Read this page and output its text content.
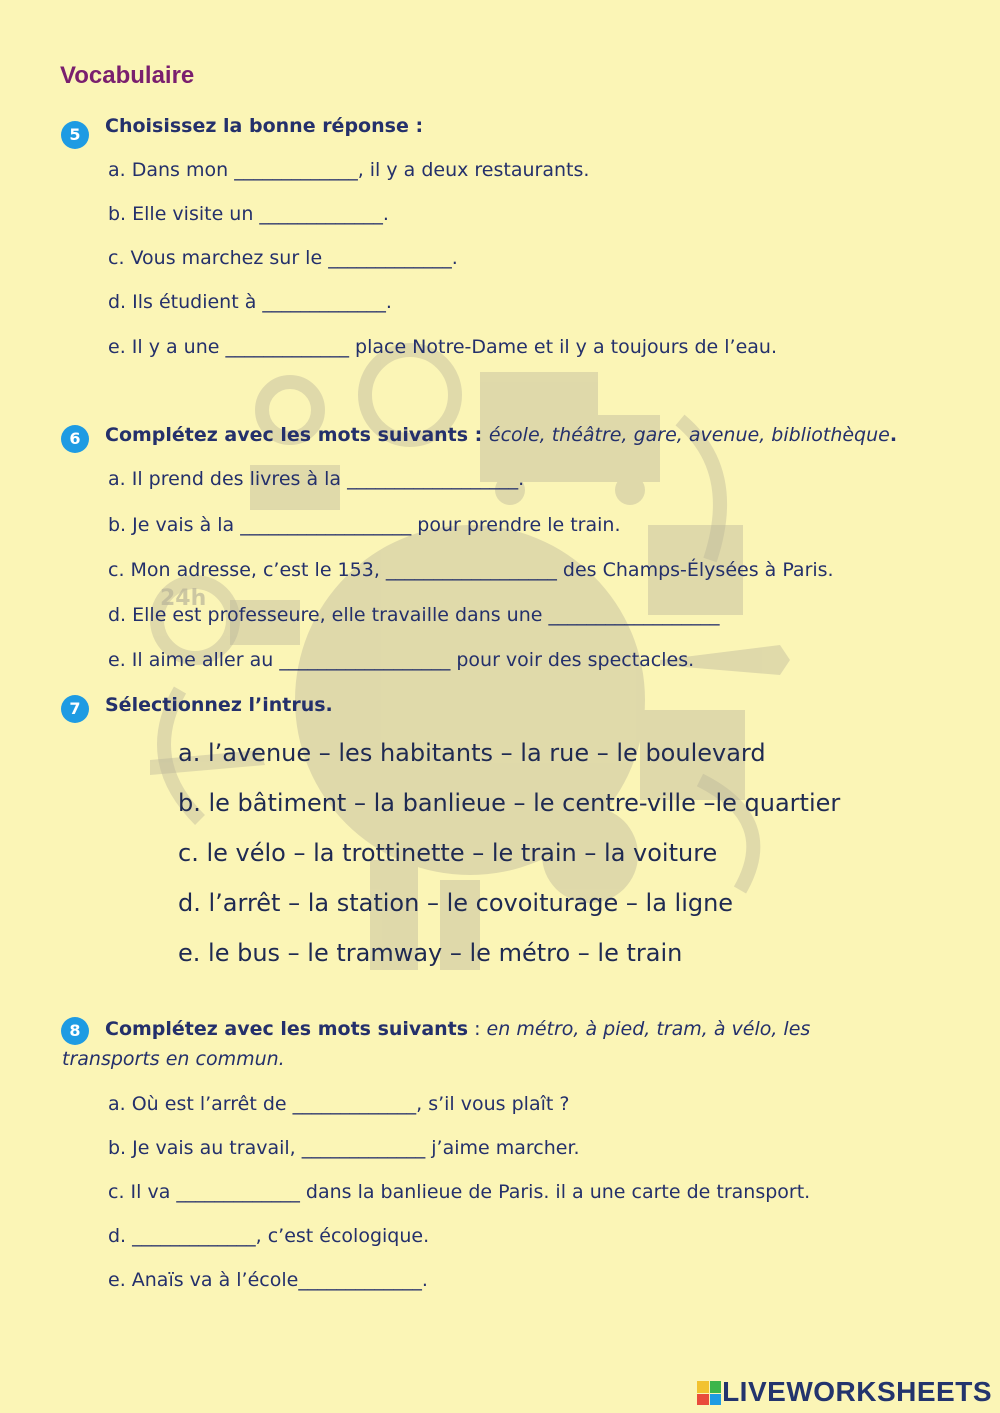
24h
Vocabulaire
5	Choisissez la bonne réponse :
a. Dans mon _____________, il y a deux restaurants.
b. Elle visite un _____________.
c. Vous marchez sur le _____________.
d. Ils étudient à _____________.
e. Il y a une _____________ place Notre-Dame et il y a toujours de l’eau.
6	Complétez avec les mots suivants : école, théâtre, gare, avenue, bibliothèque.
a. Il prend des livres à la __________________.
b. Je vais à la __________________ pour prendre le train.
c. Mon adresse, c’est le 153, __________________ des Champs-Élysées à Paris.
d. Elle est professeure, elle travaille dans une __________________
e. Il aime aller au __________________ pour voir des spectacles.
7	Sélectionnez l’intrus.
a. l’avenue – les habitants – la rue – le boulevard
b. le bâtiment – la banlieue – le centre-ville –le quartier
c. le vélo – la trottinette – le train – la voiture
d. l’arrêt – la station – le covoiturage – la ligne
e. le bus – le tramway – le métro – le train
8	Complétez avec les mots suivants : en métro, à pied, tram, à vélo, les transports en commun.
a. Où est l’arrêt de _____________, s’il vous plaît ?
b. Je vais au travail, _____________ j’aime marcher.
c. Il va _____________ dans la banlieue de Paris. il a une carte de transport.
d. _____________, c’est écologique.
e. Anaïs va à l’école_____________.
LIVEWORKSHEETS
